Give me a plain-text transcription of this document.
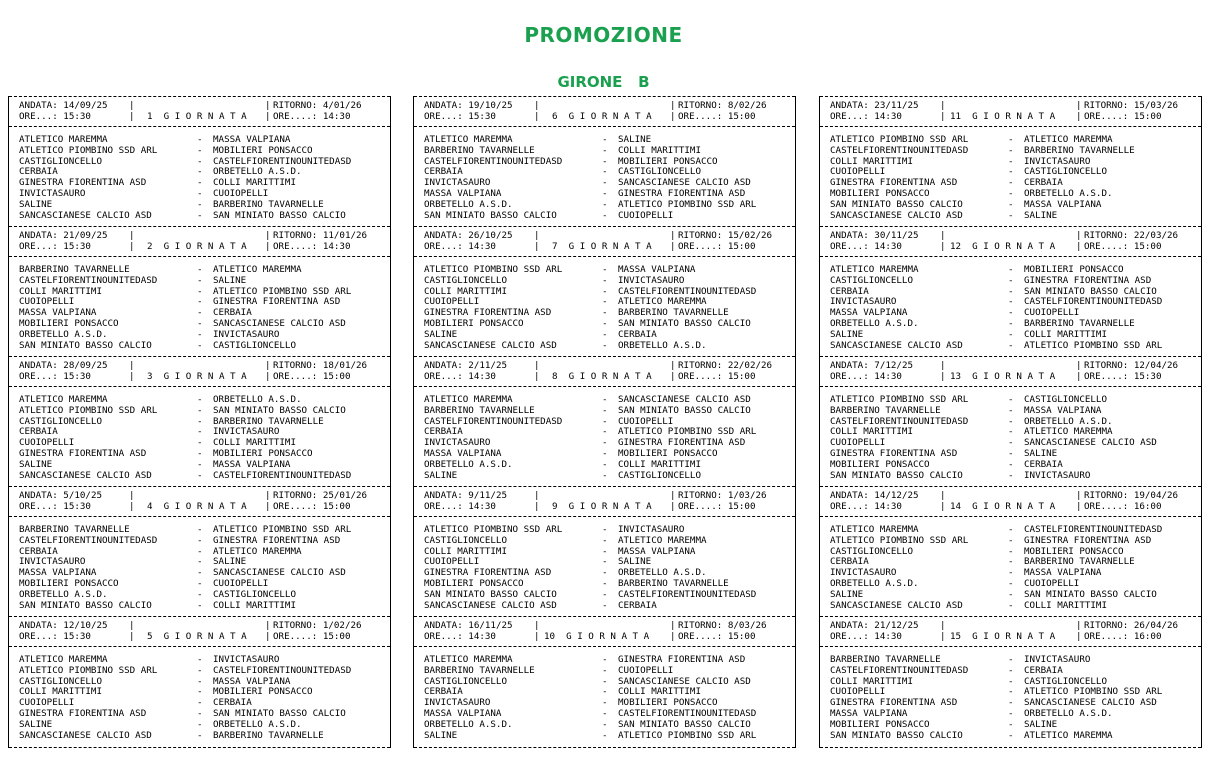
PROMOZIONE
GIRONE   B
ANDATA: 14/09/25 |	| RITORNO: 4/01/26
ORE...: 15:30	| 1 G I O R N A T A | ORE....: 14:30
ATLETICO MAREMMA	- MASSA VALPIANA
ATLETICO PIOMBINO SSD ARL	- MOBILIERI PONSACCO
CASTIGLIONCELLO	- CASTELFIORENTINOUNITEDASD
CERBAIA	- ORBETELLO A.S.D.
GINESTRA FIORENTINA ASD	- COLLI MARITTIMI
INVICTASAURO	- CUOIOPELLI
SALINE	- BARBERINO TAVARNELLE
SANCASCIANESE CALCIO ASD	- SAN MINIATO BASSO CALCIO
ANDATA: 21/09/25 |	| RITORNO: 11/01/26
ORE...: 15:30	| 2 G I O R N A T A | ORE....: 14:30
BARBERINO TAVARNELLE	- ATLETICO MAREMMA
CASTELFIORENTINOUNITEDASD	- SALINE
COLLI MARITTIMI	- ATLETICO PIOMBINO SSD ARL
CUOIOPELLI	- GINESTRA FIORENTINA ASD
MASSA VALPIANA	- CERBAIA
MOBILIERI PONSACCO	- SANCASCIANESE CALCIO ASD
ORBETELLO A.S.D.	- INVICTASAURO
SAN MINIATO BASSO CALCIO	- CASTIGLIONCELLO
ANDATA: 28/09/25 |	| RITORNO: 18/01/26
ORE...: 15:30	| 3 G I O R N A T A | ORE....: 15:00
ATLETICO MAREMMA	- ORBETELLO A.S.D.
ATLETICO PIOMBINO SSD ARL	- SAN MINIATO BASSO CALCIO
CASTIGLIONCELLO	- BARBERINO TAVARNELLE
CERBAIA	- INVICTASAURO
CUOIOPELLI	- COLLI MARITTIMI
GINESTRA FIORENTINA ASD	- MOBILIERI PONSACCO
SALINE	- MASSA VALPIANA
SANCASCIANESE CALCIO ASD	- CASTELFIORENTINOUNITEDASD
ANDATA: 5/10/25	|	| RITORNO: 25/01/26
ORE...: 15:30	| 4 G I O R N A T A | ORE....: 15:00
BARBERINO TAVARNELLE	- ATLETICO PIOMBINO SSD ARL
CASTELFIORENTINOUNITEDASD	- GINESTRA FIORENTINA ASD
CERBAIA	- ATLETICO MAREMMA
INVICTASAURO	- SALINE
MASSA VALPIANA	- SANCASCIANESE CALCIO ASD
MOBILIERI PONSACCO	- CUOIOPELLI
ORBETELLO A.S.D.	- CASTIGLIONCELLO
SAN MINIATO BASSO CALCIO	- COLLI MARITTIMI
ANDATA: 12/10/25 |	| RITORNO: 1/02/26
ORE...: 15:30	| 5 G I O R N A T A | ORE....: 15:00
ATLETICO MAREMMA	- INVICTASAURO
ATLETICO PIOMBINO SSD ARL	- CASTELFIORENTINOUNITEDASD
CASTIGLIONCELLO	- MASSA VALPIANA
COLLI MARITTIMI	- MOBILIERI PONSACCO
CUOIOPELLI	- CERBAIA
GINESTRA FIORENTINA ASD	- SAN MINIATO BASSO CALCIO
SALINE	- ORBETELLO A.S.D.
SANCASCIANESE CALCIO ASD	- BARBERINO TAVARNELLE
ANDATA: 19/10/25 |	| RITORNO: 8/02/26
ORE...: 15:30	| 6 G I O R N A T A | ORE....: 15:00
ATLETICO MAREMMA	- SALINE
BARBERINO TAVARNELLE	- COLLI MARITTIMI
CASTELFIORENTINOUNITEDASD	- MOBILIERI PONSACCO
CERBAIA	- CASTIGLIONCELLO
INVICTASAURO	- SANCASCIANESE CALCIO ASD
MASSA VALPIANA	- GINESTRA FIORENTINA ASD
ORBETELLO A.S.D.	- ATLETICO PIOMBINO SSD ARL
SAN MINIATO BASSO CALCIO	- CUOIOPELLI
ANDATA: 26/10/25 |	| RITORNO: 15/02/26
ORE...: 14:30	| 7 G I O R N A T A | ORE....: 15:00
ATLETICO PIOMBINO SSD ARL	- MASSA VALPIANA
CASTIGLIONCELLO	- INVICTASAURO
COLLI MARITTIMI	- CASTELFIORENTINOUNITEDASD
CUOIOPELLI	- ATLETICO MAREMMA
GINESTRA FIORENTINA ASD	- BARBERINO TAVARNELLE
MOBILIERI PONSACCO	- SAN MINIATO BASSO CALCIO
SALINE	- CERBAIA
SANCASCIANESE CALCIO ASD	- ORBETELLO A.S.D.
ANDATA: 2/11/25	|	| RITORNO: 22/02/26
ORE...: 14:30	| 8 G I O R N A T A | ORE....: 15:00
ATLETICO MAREMMA	- SANCASCIANESE CALCIO ASD
BARBERINO TAVARNELLE	- SAN MINIATO BASSO CALCIO
CASTELFIORENTINOUNITEDASD	- CUOIOPELLI
CERBAIA	- ATLETICO PIOMBINO SSD ARL
INVICTASAURO	- GINESTRA FIORENTINA ASD
MASSA VALPIANA	- MOBILIERI PONSACCO
ORBETELLO A.S.D.	- COLLI MARITTIMI
SALINE	- CASTIGLIONCELLO
ANDATA: 9/11/25	|	| RITORNO: 1/03/26
ORE...: 14:30	| 9 G I O R N A T A | ORE....: 15:00
ATLETICO PIOMBINO SSD ARL	- INVICTASAURO
CASTIGLIONCELLO	- ATLETICO MAREMMA
COLLI MARITTIMI	- MASSA VALPIANA
CUOIOPELLI	- SALINE
GINESTRA FIORENTINA ASD	- ORBETELLO A.S.D.
MOBILIERI PONSACCO	- BARBERINO TAVARNELLE
SAN MINIATO BASSO CALCIO	- CASTELFIORENTINOUNITEDASD
SANCASCIANESE CALCIO ASD	- CERBAIA
ANDATA: 16/11/25 |	| RITORNO: 8/03/26
ORE...: 14:30	| 10 G I O R N A T A | ORE....: 15:00
ATLETICO MAREMMA	- GINESTRA FIORENTINA ASD
BARBERINO TAVARNELLE	- CUOIOPELLI
CASTIGLIONCELLO	- SANCASCIANESE CALCIO ASD
CERBAIA	- COLLI MARITTIMI
INVICTASAURO	- MOBILIERI PONSACCO
MASSA VALPIANA	- CASTELFIORENTINOUNITEDASD
ORBETELLO A.S.D.	- SAN MINIATO BASSO CALCIO
SALINE	- ATLETICO PIOMBINO SSD ARL
ANDATA: 23/11/25 |	| RITORNO: 15/03/26
ORE...: 14:30	| 11 G I O R N A T A | ORE....: 15:00
ATLETICO PIOMBINO SSD ARL	- ATLETICO MAREMMA
CASTELFIORENTINOUNITEDASD	- BARBERINO TAVARNELLE
COLLI MARITTIMI	- INVICTASAURO
CUOIOPELLI	- CASTIGLIONCELLO
GINESTRA FIORENTINA ASD	- CERBAIA
MOBILIERI PONSACCO	- ORBETELLO A.S.D.
SAN MINIATO BASSO CALCIO	- MASSA VALPIANA
SANCASCIANESE CALCIO ASD	- SALINE
ANDATA: 30/11/25 |	| RITORNO: 22/03/26
ORE...: 14:30	| 12 G I O R N A T A | ORE....: 15:00
ATLETICO MAREMMA	- MOBILIERI PONSACCO
CASTIGLIONCELLO	- GINESTRA FIORENTINA ASD
CERBAIA	- SAN MINIATO BASSO CALCIO
INVICTASAURO	- CASTELFIORENTINOUNITEDASD
MASSA VALPIANA	- CUOIOPELLI
ORBETELLO A.S.D.	- BARBERINO TAVARNELLE
SALINE	- COLLI MARITTIMI
SANCASCIANESE CALCIO ASD	- ATLETICO PIOMBINO SSD ARL
ANDATA: 7/12/25	|	| RITORNO: 12/04/26
ORE...: 14:30	| 13 G I O R N A T A | ORE....: 15:30
ATLETICO PIOMBINO SSD ARL	- CASTIGLIONCELLO
BARBERINO TAVARNELLE	- MASSA VALPIANA
CASTELFIORENTINOUNITEDASD	- ORBETELLO A.S.D.
COLLI MARITTIMI	- ATLETICO MAREMMA
CUOIOPELLI	- SANCASCIANESE CALCIO ASD
GINESTRA FIORENTINA ASD	- SALINE
MOBILIERI PONSACCO	- CERBAIA
SAN MINIATO BASSO CALCIO	- INVICTASAURO
ANDATA: 14/12/25 |	| RITORNO: 19/04/26
ORE...: 14:30	| 14 G I O R N A T A | ORE....: 16:00
ATLETICO MAREMMA	- CASTELFIORENTINOUNITEDASD
ATLETICO PIOMBINO SSD ARL	- GINESTRA FIORENTINA ASD
CASTIGLIONCELLO	- MOBILIERI PONSACCO
CERBAIA	- BARBERINO TAVARNELLE
INVICTASAURO	- MASSA VALPIANA
ORBETELLO A.S.D.	- CUOIOPELLI
SALINE	- SAN MINIATO BASSO CALCIO
SANCASCIANESE CALCIO ASD	- COLLI MARITTIMI
ANDATA: 21/12/25 |	| RITORNO: 26/04/26
ORE...: 14:30	| 15 G I O R N A T A | ORE....: 16:00
BARBERINO TAVARNELLE	- INVICTASAURO
CASTELFIORENTINOUNITEDASD	- CERBAIA
COLLI MARITTIMI	- CASTIGLIONCELLO
CUOIOPELLI	- ATLETICO PIOMBINO SSD ARL
GINESTRA FIORENTINA ASD	- SANCASCIANESE CALCIO ASD
MASSA VALPIANA	- ORBETELLO A.S.D.
MOBILIERI PONSACCO	- SALINE
SAN MINIATO BASSO CALCIO	- ATLETICO MAREMMA
